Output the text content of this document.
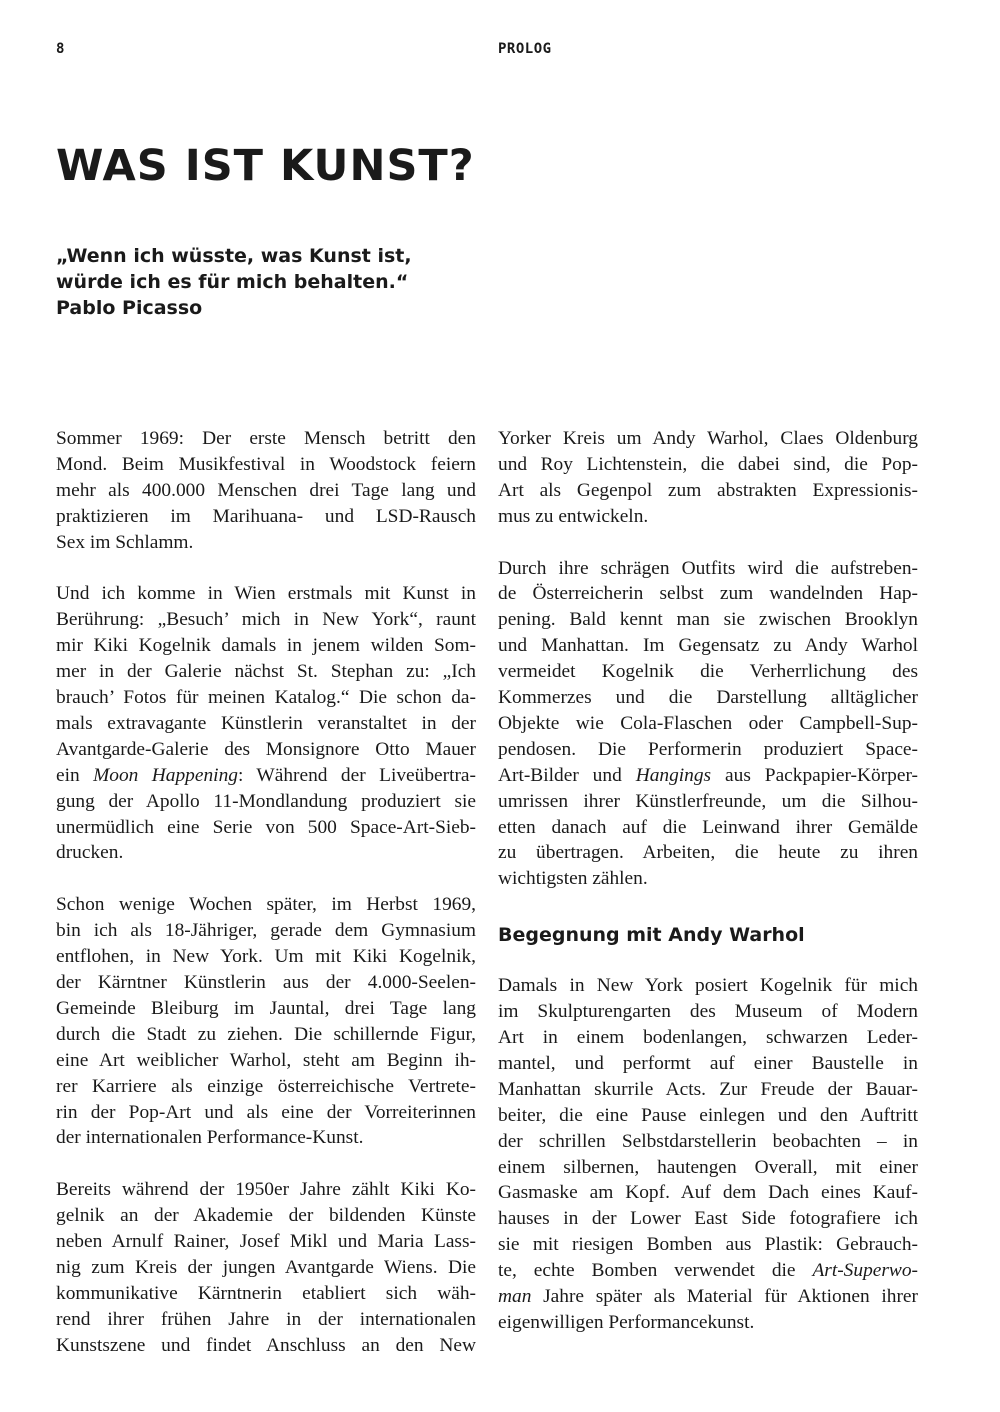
8	PROLOG
WAS IST KUNST?
„Wenn ich wüsste, was Kunst ist,
würde ich es für mich behalten.“
Pablo Picasso

Sommer 1969: Der erste Mensch betritt den
Mond. Beim Musikfestival in Woodstock feiern
mehr als 400.000 Menschen drei Tage lang und
praktizieren im Marihuana- und LSD-Rausch
Sex im Schlamm.

Und ich komme in Wien erstmals mit Kunst in
Berührung: „Besuch’ mich in New York“, raunt
mir Kiki Kogelnik damals in jenem wilden Som-
mer in der Galerie nächst St. Stephan zu: „Ich
brauch’ Fotos für meinen Katalog.“ Die schon da-
mals extravagante Künstlerin veranstaltet in der
Avantgarde-Galerie des Monsignore Otto Mauer
ein Moon Happening: Während der Liveübertra-
gung der Apollo 11-Mondlandung produziert sie
unermüdlich eine Serie von 500 Space-Art-Sieb-
drucken.

Schon wenige Wochen später, im Herbst 1969,
bin ich als 18-Jähriger, gerade dem Gymnasium
entflohen, in New York. Um mit Kiki Kogelnik,
der Kärntner Künstlerin aus der 4.000-Seelen-
Gemeinde Bleiburg im Jauntal, drei Tage lang
durch die Stadt zu ziehen. Die schillernde Figur,
eine Art weiblicher Warhol, steht am Beginn ih-
rer Karriere als einzige österreichische Vertrete-
rin der Pop-Art und als eine der Vorreiterinnen
der internationalen Performance-Kunst.

Bereits während der 1950er Jahre zählt Kiki Ko-
gelnik an der Akademie der bildenden Künste
neben Arnulf Rainer, Josef Mikl und Maria Lass-
nig zum Kreis der jungen Avantgarde Wiens. Die
kommunikative Kärntnerin etabliert sich wäh-
rend ihrer frühen Jahre in der internationalen
Kunstszene und findet Anschluss an den New

Yorker Kreis um Andy Warhol, Claes Oldenburg
und Roy Lichtenstein, die dabei sind, die Pop-
Art als Gegenpol zum abstrakten Expressionis-
mus zu entwickeln.

Durch ihre schrägen Outfits wird die aufstreben-
de Österreicherin selbst zum wandelnden Hap-
pening. Bald kennt man sie zwischen Brooklyn
und Manhattan. Im Gegensatz zu Andy Warhol
vermeidet Kogelnik die Verherrlichung des
Kommerzes und die Darstellung alltäglicher
Objekte wie Cola-Flaschen oder Campbell-Sup-
pendosen. Die Performerin produziert Space-
Art-Bilder und Hangings aus Packpapier-Körper-
umrissen ihrer Künstlerfreunde, um die Silhou-
etten danach auf die Leinwand ihrer Gemälde
zu übertragen. Arbeiten, die heute zu ihren
wichtigsten zählen.

Begegnung mit Andy Warhol

Damals in New York posiert Kogelnik für mich
im Skulpturengarten des Museum of Modern
Art in einem bodenlangen, schwarzen Leder-
mantel, und performt auf einer Baustelle in
Manhattan skurrile Acts. Zur Freude der Bauar-
beiter, die eine Pause einlegen und den Auftritt
der schrillen Selbstdarstellerin beobachten – in
einem silbernen, hautengen Overall, mit einer
Gasmaske am Kopf. Auf dem Dach eines Kauf-
hauses in der Lower East Side fotografiere ich
sie mit riesigen Bomben aus Plastik: Gebrauch-
te, echte Bomben verwendet die Art-Superwo-
man Jahre später als Material für Aktionen ihrer
eigenwilligen Performancekunst.
